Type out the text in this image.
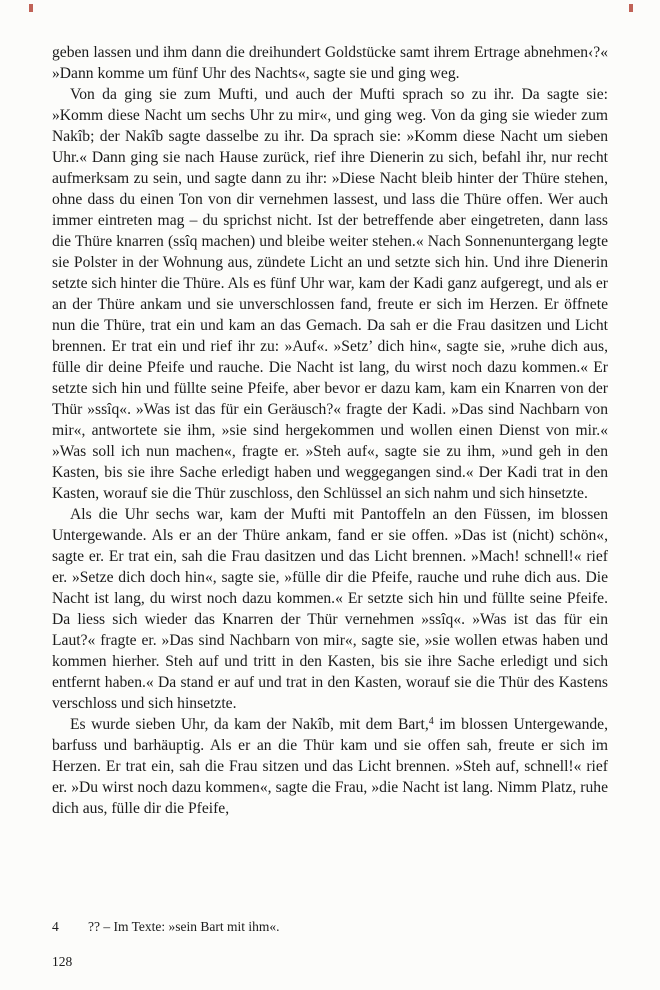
geben lassen und ihm dann die dreihundert Goldstücke samt ihrem Ertrage abnehmen‹?« »Dann komme um fünf Uhr des Nachts«, sagte sie und ging weg.

Von da ging sie zum Mufti, und auch der Mufti sprach so zu ihr. Da sagte sie: »Komm diese Nacht um sechs Uhr zu mir«, und ging weg. Von da ging sie wieder zum Nakîb; der Nakîb sagte dasselbe zu ihr. Da sprach sie: »Komm diese Nacht um sieben Uhr.« Dann ging sie nach Hause zurück, rief ihre Dienerin zu sich, befahl ihr, nur recht aufmerksam zu sein, und sagte dann zu ihr: »Diese Nacht bleib hinter der Thüre stehen, ohne dass du einen Ton von dir vernehmen lassest, und lass die Thüre offen. Wer auch immer eintreten mag – du sprichst nicht. Ist der betreffende aber eingetreten, dann lass die Thüre knarren (ssîq machen) und bleibe weiter stehen.« Nach Sonnenuntergang legte sie Polster in der Wohnung aus, zündete Licht an und setzte sich hin. Und ihre Dienerin setzte sich hinter die Thüre. Als es fünf Uhr war, kam der Kadi ganz aufgeregt, und als er an der Thüre ankam und sie unverschlossen fand, freute er sich im Herzen. Er öffnete nun die Thüre, trat ein und kam an das Gemach. Da sah er die Frau dasitzen und Licht brennen. Er trat ein und rief ihr zu: »Auf«. »Setz’ dich hin«, sagte sie, »ruhe dich aus, fülle dir deine Pfeife und rauche. Die Nacht ist lang, du wirst noch dazu kommen.« Er setzte sich hin und füllte seine Pfeife, aber bevor er dazu kam, kam ein Knarren von der Thür »ssîq«. »Was ist das für ein Geräusch?« fragte der Kadi. »Das sind Nachbarn von mir«, antwortete sie ihm, »sie sind hergekommen und wollen einen Dienst von mir.« »Was soll ich nun machen«, fragte er. »Steh auf«, sagte sie zu ihm, »und geh in den Kasten, bis sie ihre Sache erledigt haben und weggegangen sind.« Der Kadi trat in den Kasten, worauf sie die Thür zuschloss, den Schlüssel an sich nahm und sich hinsetzte.

Als die Uhr sechs war, kam der Mufti mit Pantoffeln an den Füssen, im blossen Untergewande. Als er an der Thüre ankam, fand er sie offen. »Das ist (nicht) schön«, sagte er. Er trat ein, sah die Frau dasitzen und das Licht brennen. »Mach! schnell!« rief er. »Setze dich doch hin«, sagte sie, »fülle dir die Pfeife, rauche und ruhe dich aus. Die Nacht ist lang, du wirst noch dazu kommen.« Er setzte sich hin und füllte seine Pfeife. Da liess sich wieder das Knarren der Thür vernehmen »ssîq«. »Was ist das für ein Laut?« fragte er. »Das sind Nachbarn von mir«, sagte sie, »sie wollen etwas haben und kommen hierher. Steh auf und tritt in den Kasten, bis sie ihre Sache erledigt und sich entfernt haben.« Da stand er auf und trat in den Kasten, worauf sie die Thür des Kastens verschloss und sich hinsetzte.

Es wurde sieben Uhr, da kam der Nakîb, mit dem Bart,$^4$ im blossen Untergewande, barfuss und barhäuptig. Als er an die Thür kam und sie offen sah, freute er sich im Herzen. Er trat ein, sah die Frau sitzen und das Licht brennen. »Steh auf, schnell!« rief er. »Du wirst noch dazu kommen«, sagte die Frau, »die Nacht ist lang. Nimm Platz, ruhe dich aus, fülle dir die Pfeife,

4 ?? – Im Texte: »sein Bart mit ihm«.
128
